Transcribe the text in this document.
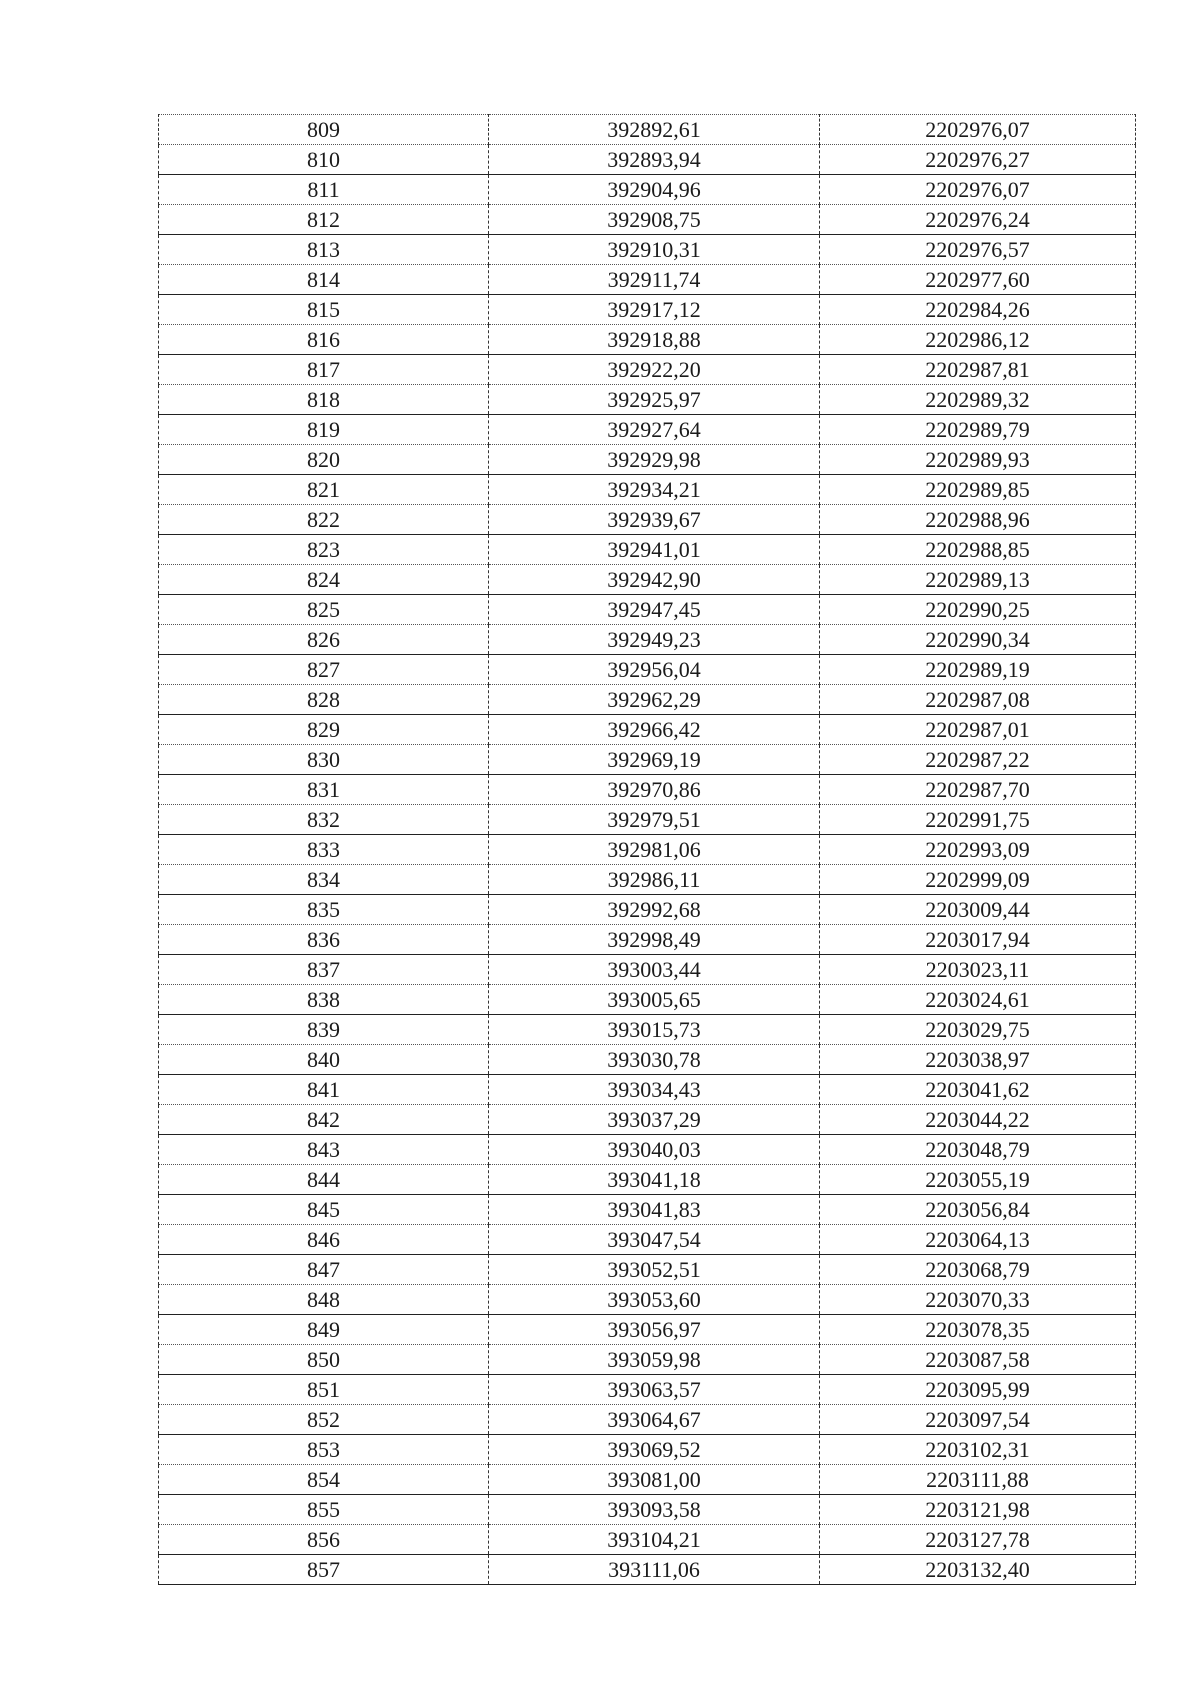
809	392892,61	2202976,07
810	392893,94	2202976,27
811	392904,96	2202976,07
812	392908,75	2202976,24
813	392910,31	2202976,57
814	392911,74	2202977,60
815	392917,12	2202984,26
816	392918,88	2202986,12
817	392922,20	2202987,81
818	392925,97	2202989,32
819	392927,64	2202989,79
820	392929,98	2202989,93
821	392934,21	2202989,85
822	392939,67	2202988,96
823	392941,01	2202988,85
824	392942,90	2202989,13
825	392947,45	2202990,25
826	392949,23	2202990,34
827	392956,04	2202989,19
828	392962,29	2202987,08
829	392966,42	2202987,01
830	392969,19	2202987,22
831	392970,86	2202987,70
832	392979,51	2202991,75
833	392981,06	2202993,09
834	392986,11	2202999,09
835	392992,68	2203009,44
836	392998,49	2203017,94
837	393003,44	2203023,11
838	393005,65	2203024,61
839	393015,73	2203029,75
840	393030,78	2203038,97
841	393034,43	2203041,62
842	393037,29	2203044,22
843	393040,03	2203048,79
844	393041,18	2203055,19
845	393041,83	2203056,84
846	393047,54	2203064,13
847	393052,51	2203068,79
848	393053,60	2203070,33
849	393056,97	2203078,35
850	393059,98	2203087,58
851	393063,57	2203095,99
852	393064,67	2203097,54
853	393069,52	2203102,31
854	393081,00	2203111,88
855	393093,58	2203121,98
856	393104,21	2203127,78
857	393111,06	2203132,40
